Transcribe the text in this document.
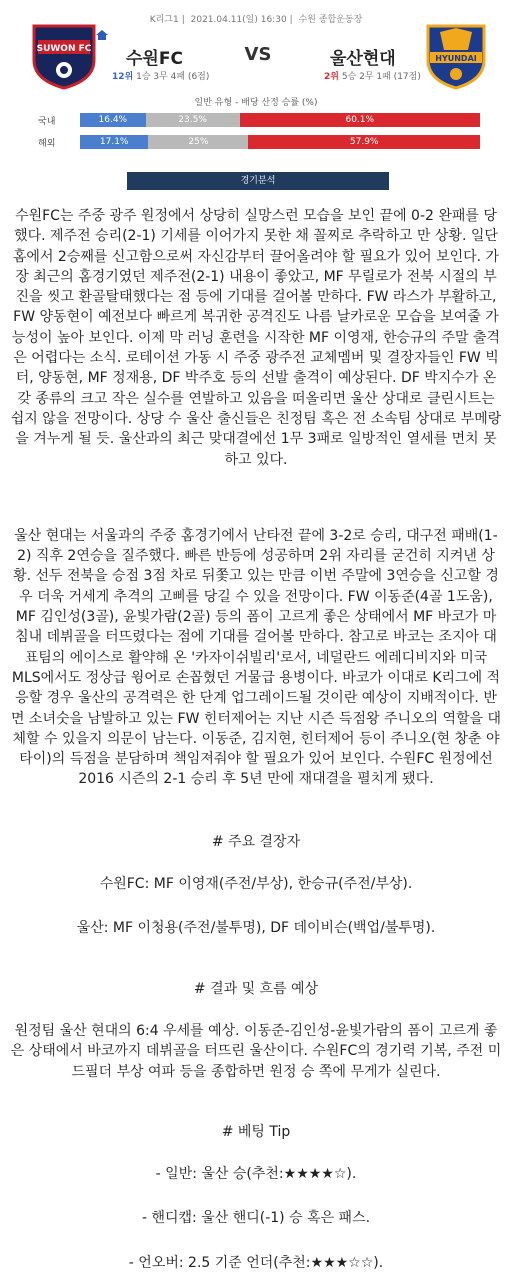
K리그1 | 2021.04.11(일) 16:30 | 수원 종합운동장
SUWON FC 수원FC	VS	울산현대
12위 1승 3무 4패 (6점)	2위 5승 2무 1패 (17점)
HYUNDAI
일반 유형 - 배당 산정 승률 (%)
국내	16.4%	23.5%	60.1%
해외	17.1%	25%	57.9%
경기분석

수원FC는 주중 광주 원정에서 상당히 실망스런 모습을 보인 끝에 0-2 완패를 당했다. 제주전 승리(2-1) 기세를 이어가지 못한 채 꼴찌로 추락하고 만 상황. 일단 홈에서 2승째를 신고함으로써 자신감부터 끌어올려야 할 필요가 있어 보인다. 가장 최근의 홈경기였던 제주전(2-1) 내용이 좋았고, MF 무릴로가 전북 시절의 부진을 씻고 환골탈태했다는 점 등에 기대를 걸어볼 만하다. FW 라스가 부활하고, FW 양동현이 예전보다 빠르게 복귀한 공격진도 나름 날카로운 모습을 보여줄 가능성이 높아 보인다. 이제 막 러닝 훈련을 시작한 MF 이영재, 한승규의 주말 출격은 어렵다는 소식. 로테이션 가동 시 주중 광주전 교체멤버 및 결장자들인 FW 빅터, 양동현, MF 정재용, DF 박주호 등의 선발 출격이 예상된다. DF 박지수가 온갖 종류의 크고 작은 실수를 연발하고 있음을 떠올리면 울산 상대로 클린시트는 쉽지 않을 전망이다. 상당 수 울산 출신들은 친정팀 혹은 전 소속팀 상대로 부메랑을 겨누게 될 듯. 울산과의 최근 맞대결에선 1무 3패로 일방적인 열세를 면치 못하고 있다.

울산 현대는 서울과의 주중 홈경기에서 난타전 끝에 3-2로 승리, 대구전 패배(1-2) 직후 2연승을 질주했다. 빠른 반등에 성공하며 2위 자리를 굳건히 지켜낸 상황. 선두 전북을 승점 3점 차로 뒤쫓고 있는 만큼 이번 주말에 3연승을 신고할 경우 더욱 거세게 추격의 고삐를 당길 수 있을 전망이다. FW 이동준(4골 1도움), MF 김인성(3골), 윤빛가람(2골) 등의 폼이 고르게 좋은 상태에서 MF 바코가 마침내 데뷔골을 터뜨렸다는 점에 기대를 걸어볼 만하다. 참고로 바코는 조지아 대표팀의 에이스로 활약해 온 '카자이쉬빌리'로서, 네덜란드 에레디비지와 미국 MLS에서도 정상급 윙어로 손꼽혔던 거물급 용병이다. 바코가 이대로 K리그에 적응할 경우 울산의 공격력은 한 단계 업그레이드될 것이란 예상이 지배적이다. 반면 소녀숫을 남발하고 있는 FW 힌터제어는 지난 시즌 득점왕 주니오의 역할을 대체할 수 있을지 의문이 남는다. 이동준, 김지현, 힌터제어 등이 주니오(현 창춘 야타이)의 득점을 분담하며 책임져줘야 할 필요가 있어 보인다. 수원FC 원정에선 2016 시즌의 2-1 승리 후 5년 만에 재대결을 펼치게 됐다.

# 주요 결장자

수원FC: MF 이영재(주전/부상), 한승규(주전/부상).

울산: MF 이청용(주전/불투명), DF 데이비슨(백업/불투명).

# 결과 및 흐름 예상

원정팀 울산 현대의 6:4 우세를 예상. 이동준-김인성-윤빛가람의 폼이 고르게 좋은 상태에서 바코까지 데뷔골을 터뜨린 울산이다. 수원FC의 경기력 기복, 주전 미드필더 부상 여파 등을 종합하면 원정 승 쪽에 무게가 실린다.

# 베팅 Tip

- 일반: 울산 승(추천:★★★★☆).

- 핸디캡: 울산 핸디(-1) 승 혹은 패스.

- 언오버: 2.5 기준 언더(추천:★★★☆☆).
